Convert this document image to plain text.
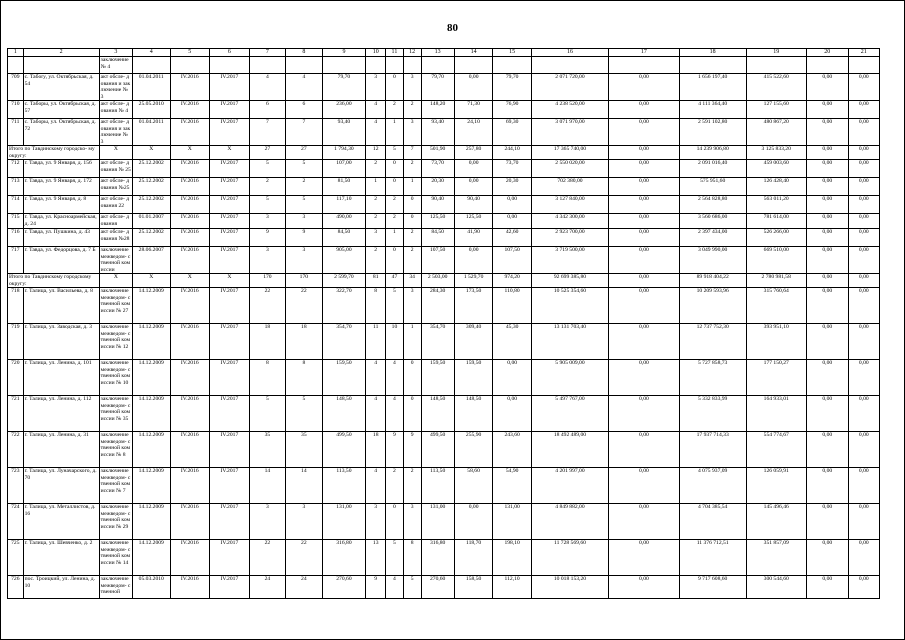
80
1	2	3	4	5	6	7	8	9	10	11	12	13	14	15	16	17	18	19	20	21
		заключение № 4																		
709	с. Табory, ул. Октябрьская, д. 54	акт обсле- дования и заключение № 3	01.04.2011	IV.2016	IV.2017	4	4	79,70	3	0	3	79,70	0,00	79,70	2 071 720,00	0,00	1 656 197,40	415 522,60	0,00	0,00
710	с. Таборы, ул. Октябрьская, д. 57	акт обсле- дования № 4	25.05.2010	IV.2016	IV.2017	6	6	236,00	4	2	2	148,20	71,30	76,90	4 238 520,00	0,00	4 111 364,40	127 155,60	0,00	0,00
711	с. Таборы, ул. Октябрьская, д. 72	акт обсле- дования и заключение № 3	01.04.2011	IV.2016	IV.2017	7	7	93,40	4	1	3	93,40	24,10	69,30	3 071 970,00	0,00	2 591 102,80	480 867,20	0,00	0,00
Итого по Тавдинскому городско- му округу:		X	X	X	X	27	27	1 794,30	12	5	7	501,90	257,80	244,10	17 365 740,00	0,00	14 239 906,80	3 125 833,20	0,00	0,00
712	г. Тавда, ул. 9 Января, д. 156	акт обсле- дования № 25	25.12.2002	IV.2016	IV.2017	5	5	107,00	2	0	2	73,70	0,00	73,70	2 550 020,00	0,00	2 091 016,40	459 003,60	0,00	0,00
713	г. Тавда, ул. 9 Января, д. 172	акт обсле- дования №25	25.12.2002	IV.2016	IV.2017	2	2	81,50	1	0	1	20,30	0,00	20,30	702 380,00	0,00	575 951,60	126 428,40	0,00	0,00
714	г. Тавда, ул. 9 Января, д. 8	акт обсле- дования 22	25.12.2002	IV.2016	IV.2017	5	5	117,10	2	2	0	90,40	90,40	0,00	3 127 840,00	0,00	2 564 828,80	563 011,20	0,00	0,00
715	г. Тавда, ул. Красноармейская, д. 24	акт обсле- дования	01.01.2007	IV.2016	IV.2017	3	3	490,00	2	2	0	125,50	125,50	0,00	4 342 300,00	0,00	3 560 686,00	781 614,00	0,00	0,00
716	г. Тавда, ул. Пушкина, д. 43	акт обсле- дования №28	25.12.2002	IV.2016	IV.2017	9	9	84,50	3	1	2	84,50	41,90	42,60	2 923 700,00	0,00	2 397 434,00	526 266,00	0,00	0,00
717	г. Тавда, ул. Федорцова, д. 7 Б	заключение межведом- ственной комиссии	28.06.2007	IV.2016	IV.2017	3	3	905,00	2	0	2	107,50	0,00	107,50	3 719 500,00	0,00	3 049 990,00	669 510,00	0,00	0,00
Итого по Тавдинскому городскому округу:		X	X	X	X	170	170	2 599,70	81	47	34	2 503,00	1 529,70	974,20	92 699 385,80	0,00	89 918 404,22	2 780 981,58	0,00	0,00
718	г. Талица, ул. Васильева, д. 8	заключение межведом- ственной комиссии № 27	14.12.2009	IV.2016	IV.2017	22	22	322,70	8	5	3	284,30	173,50	110,80	10 525 354,60	0,00	10 209 593,96	315 760,64	0,00	0,00
719	г. Талица, ул. Заводская, д. 3	заключение межведом- ственной комиссии № 12	14.12.2009	IV.2016	IV.2017	18	18	354,70	11	10	1	354,70	309,40	45,30	13 131 703,40	0,00	12 737 752,30	393 951,10	0,00	0,00
720	г. Талица, ул. Ленина, д. 101	заключение межведом- ственной комиссии № 10	14.12.2009	IV.2016	IV.2017	8	8	159,50	4	4	0	159,50	159,50	0,00	5 905 009,00	0,00	5 727 858,73	177 150,27	0,00	0,00
721	г. Талица, ул. Ленина, д. 112	заключение межведом- ственной комиссии № 35	14.12.2009	IV.2016	IV.2017	5	5	148,50	4	4	0	148,50	148,50	0,00	5 497 767,00	0,00	5 332 833,99	164 933,01	0,00	0,00
722	г. Талица, ул. Ленина, д. 31	заключение межведом- ственной комиссии № 8	14.12.2009	IV.2016	IV.2017	35	35	499,50	18	9	9	499,50	255,90	243,60	18 492 489,00	0,00	17 937 714,33	554 774,67	0,00	0,00
723	г. Талица, ул. Луначарского, д. 70	заключение межведом- ственной комиссии № 7	14.12.2009	IV.2016	IV.2017	14	14	113,50	4	2	2	113,50	58,60	54,90	4 201 997,00	0,00	4 075 937,09	126 059,91	0,00	0,00
724	г. Талица, ул. Металлистов, д. 16	заключение межведом- ственной комиссии № 29	14.12.2009	IV.2016	IV.2017	3	3	131,00	3	0	3	131,00	0,00	131,00	4 849 882,00	0,00	4 704 385,54	145 496,46	0,00	0,00
725	г. Талица, ул. Шевченко, д. 2	заключение межведом- ственной комиссии № 14	14.12.2009	IV.2016	IV.2017	22	22	316,80	13	5	8	316,80	118,70	198,10	11 728 569,60	0,00	11 376 712,51	351 857,09	0,00	0,00
726	пос. Троицкий, ул. Ленина, д. 10	заключение межведом- ственной	05.03.2010	IV.2016	IV.2017	24	24	270,60	9	4	5	270,60	158,50	112,10	10 018 153,20	0,00	9 717 608,60	300 544,60	0,00	0,00
